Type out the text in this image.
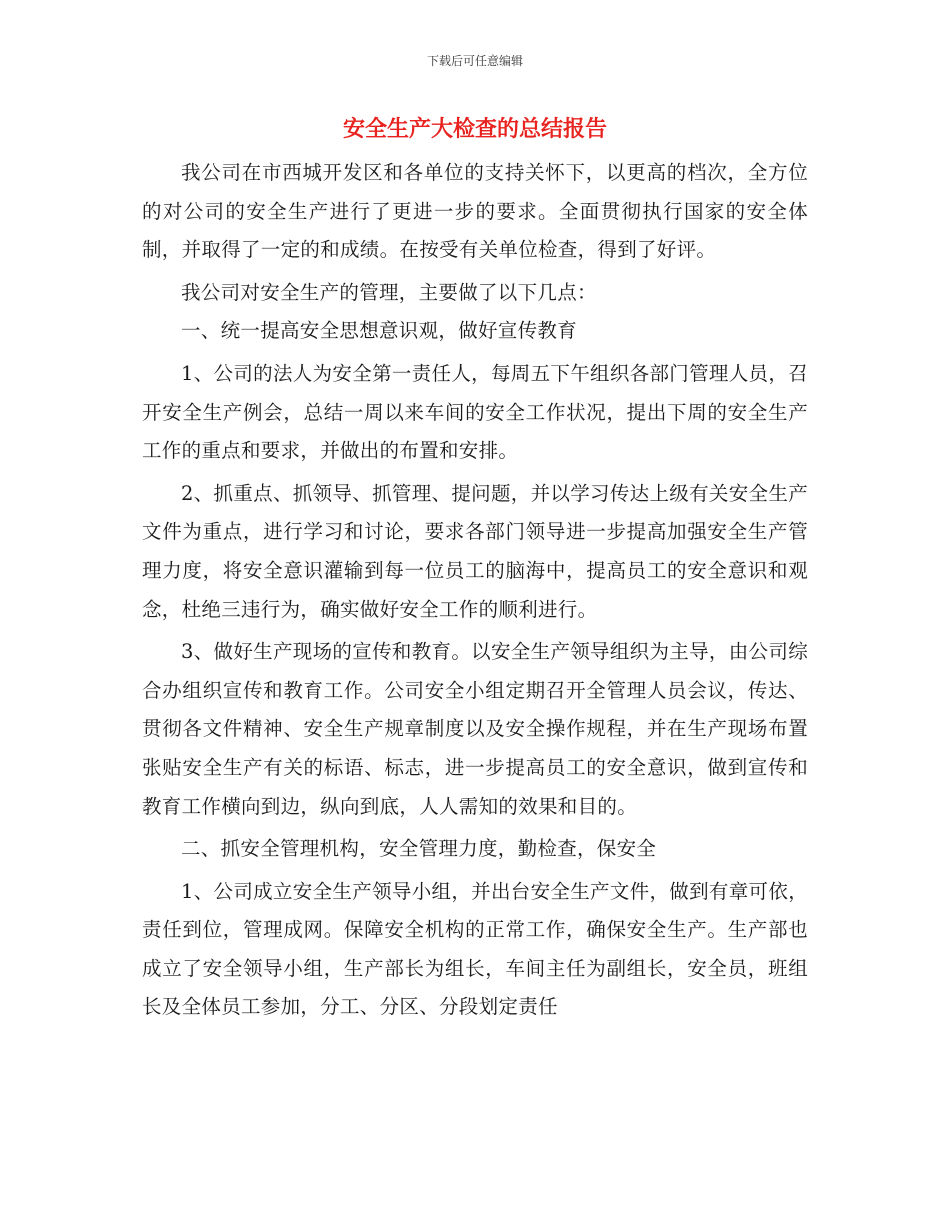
下载后可任意编辑
安全生产大检查的总结报告

我公司在市西城开发区和各单位的支持关怀下，以更高的档次，全方位的对公司的安全生产进行了更进一步的要求。全面贯彻执行国家的安全体制，并取得了一定的和成绩。在按受有关单位检查，得到了好评。

我公司对安全生产的管理，主要做了以下几点：

一、统一提高安全思想意识观，做好宣传教育

1、公司的法人为安全第一责任人，每周五下午组织各部门管理人员，召开安全生产例会，总结一周以来车间的安全工作状况，提出下周的安全生产工作的重点和要求，并做出的布置和安排。

2、抓重点、抓领导、抓管理、提问题，并以学习传达上级有关安全生产文件为重点，进行学习和讨论，要求各部门领导进一步提高加强安全生产管理力度，将安全意识灌输到每一位员工的脑海中，提高员工的安全意识和观念，杜绝三违行为，确实做好安全工作的顺利进行。

3、做好生产现场的宣传和教育。以安全生产领导组织为主导，由公司综合办组织宣传和教育工作。公司安全小组定期召开全管理人员会议，传达、贯彻各文件精神、安全生产规章制度以及安全操作规程，并在生产现场布置张贴安全生产有关的标语、标志，进一步提高员工的安全意识，做到宣传和教育工作横向到边，纵向到底，人人需知的效果和目的。

二、抓安全管理机构，安全管理力度，勤检查，保安全

1、公司成立安全生产领导小组，并出台安全生产文件，做到有章可依，责任到位，管理成网。保障安全机构的正常工作，确保安全生产。生产部也成立了安全领导小组，生产部长为组长，车间主任为副组长，安全员，班组长及全体员工参加，分工、分区、分段划定责任
